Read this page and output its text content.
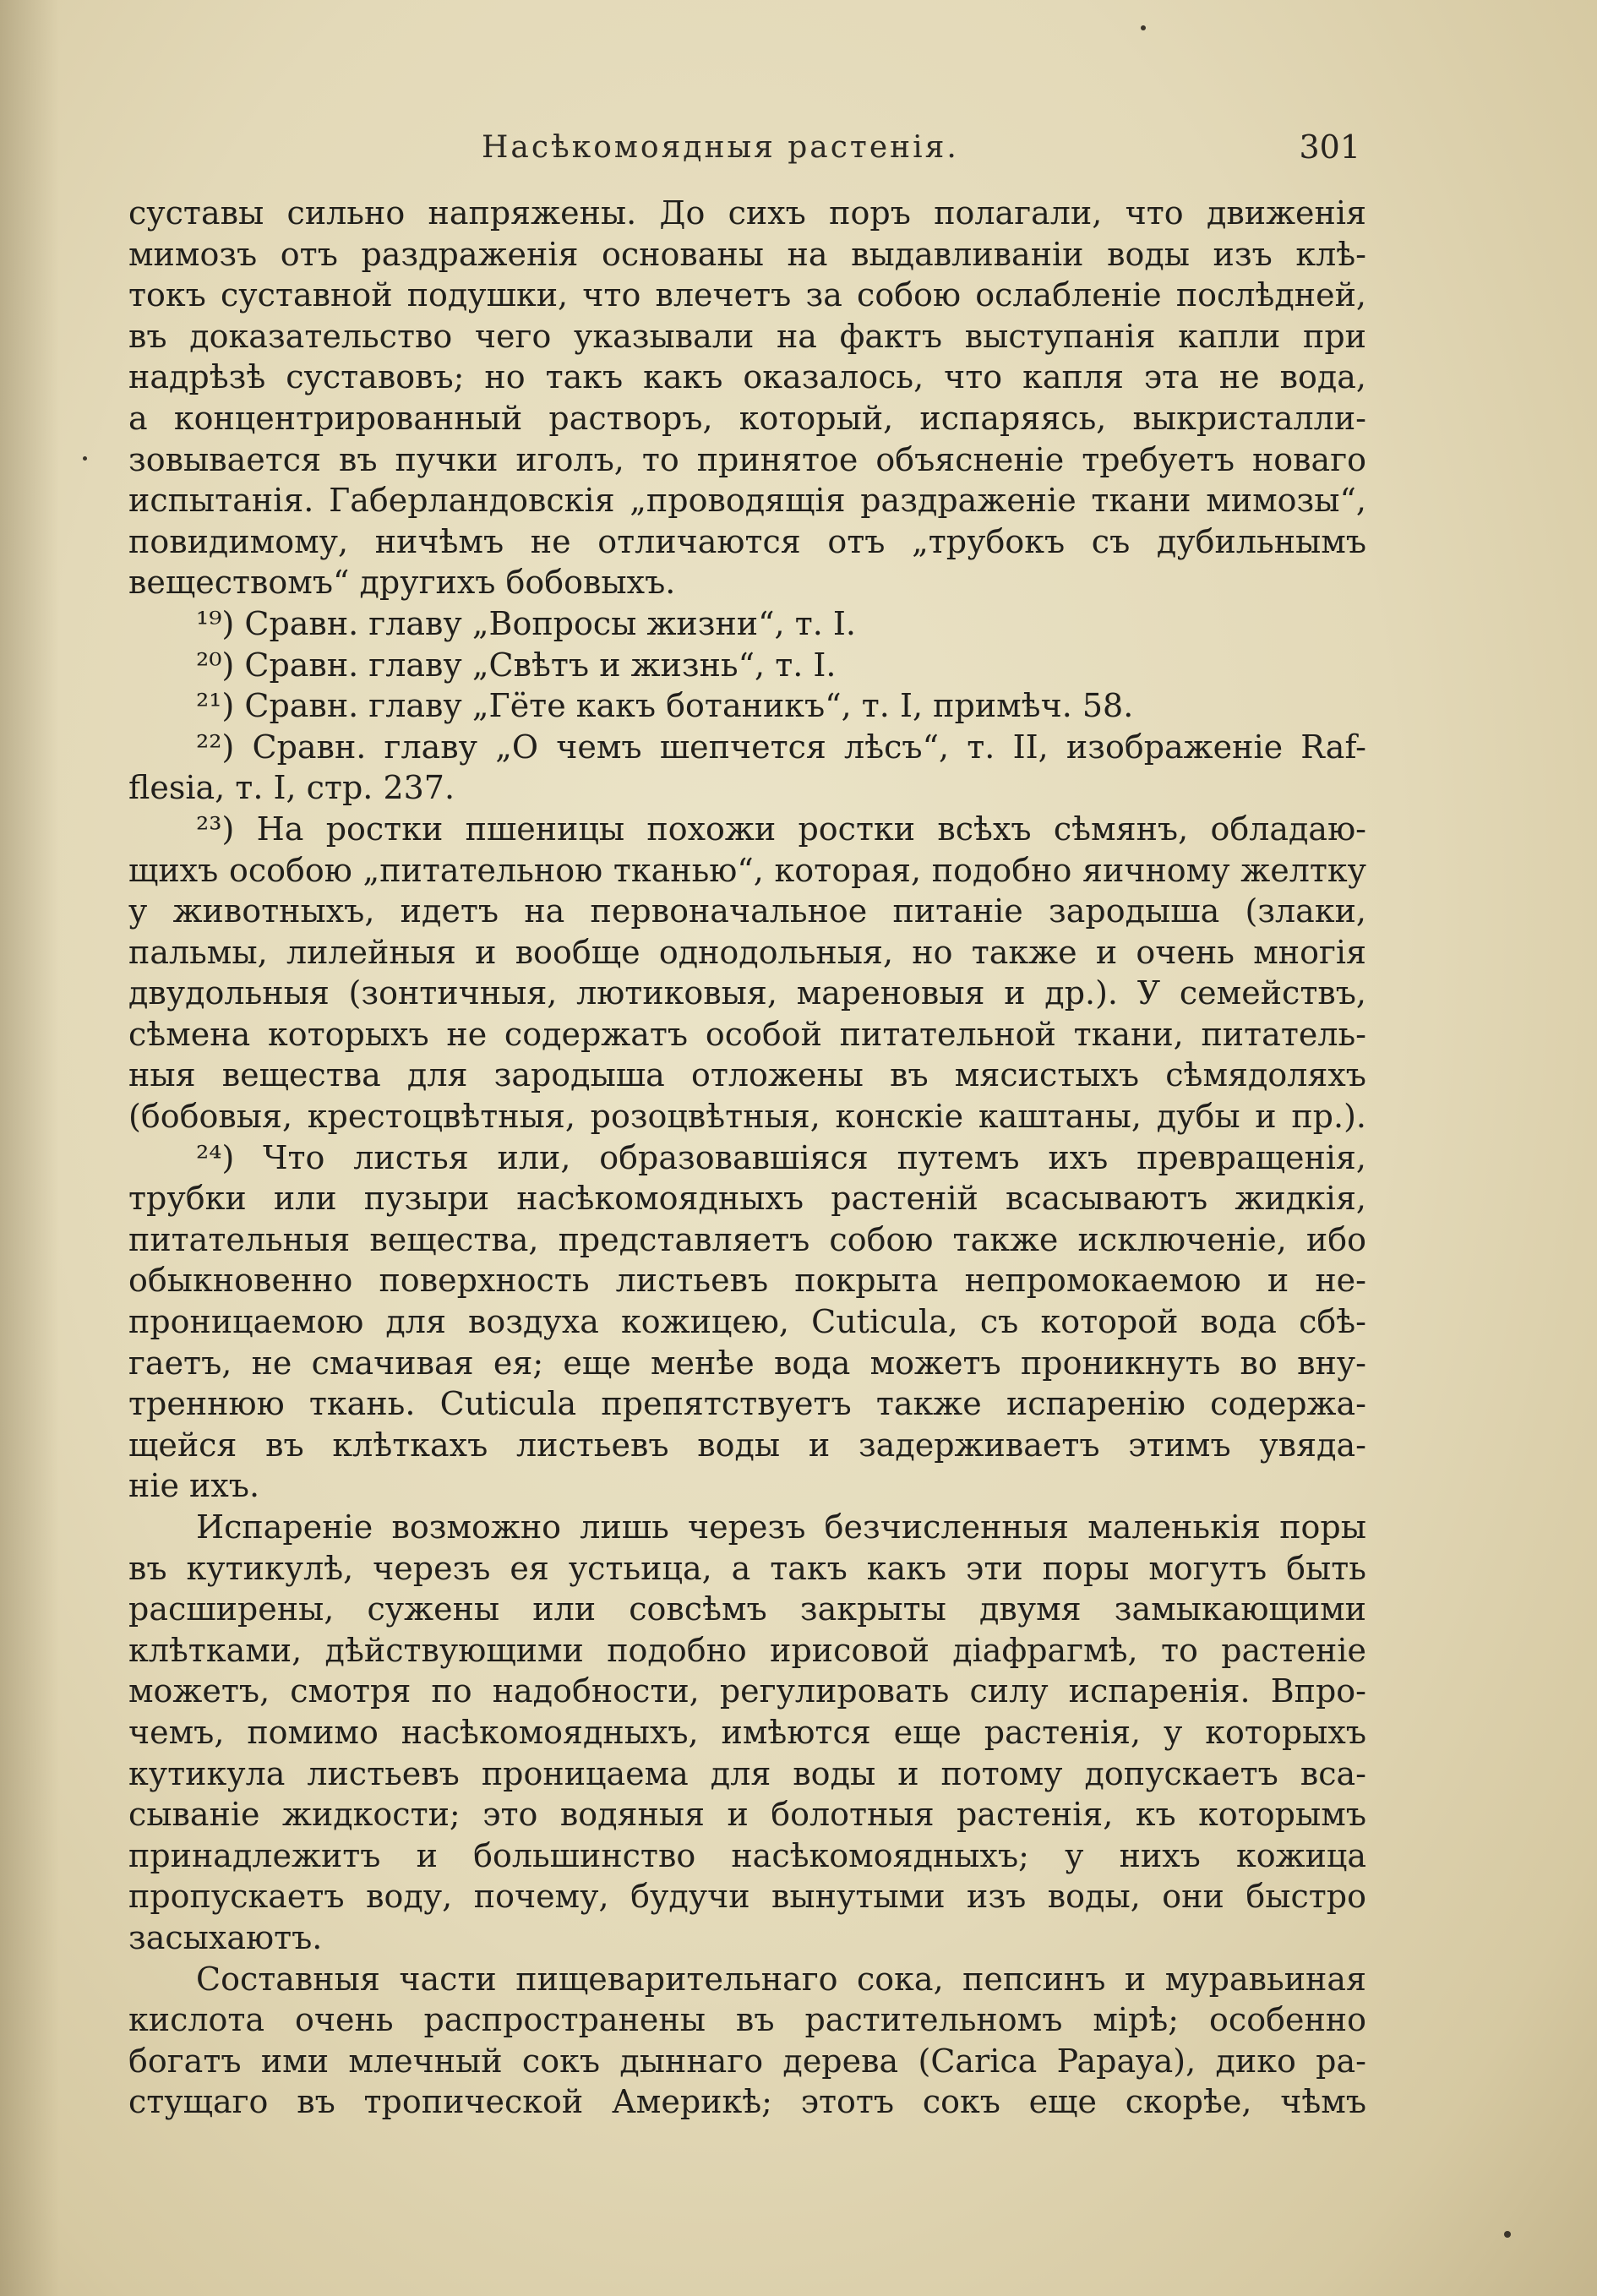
Насѣкомоядныя растенія.	301
суставы сильно напряжены. До сихъ поръ полагали, что движенія
мимозъ отъ раздраженія основаны на выдавливаніи воды изъ клѣ-
токъ суставной подушки, что влечетъ за собою ослабленіе послѣдней,
въ доказательство чего указывали на фактъ выступанія капли при
надрѣзѣ суставовъ; но такъ какъ оказалось, что капля эта не вода,
а концентрированный растворъ, который, испаряясь, выкристалли-
зовывается въ пучки иголъ, то принятое объясненіе требуетъ новаго
испытанія. Габерландовскія „проводящія раздраженіе ткани мимозы“,
повидимому, ничѣмъ не отличаются отъ „трубокъ съ дубильнымъ
веществомъ“ другихъ бобовыхъ.
¹⁹) Сравн. главу „Вопросы жизни“, т. I.
²⁰) Сравн. главу „Свѣтъ и жизнь“, т. I.
²¹) Сравн. главу „Гёте какъ ботаникъ“, т. I, примѣч. 58.
²²) Сравн. главу „О чемъ шепчется лѣсъ“, т. II, изображеніе Raf-
flesia, т. I, стр. 237.
²³) На ростки пшеницы похожи ростки всѣхъ сѣмянъ, обладаю-
щихъ особою „питательною тканью“, которая, подобно яичному желтку
у животныхъ, идетъ на первоначальное питаніе зародыша (злаки,
пальмы, лилейныя и вообще однодольныя, но также и очень многія
двудольныя (зонтичныя, лютиковыя, мареновыя и др.). У семействъ,
сѣмена которыхъ не содержатъ особой питательной ткани, питатель-
ныя вещества для зародыша отложены въ мясистыхъ сѣмядоляхъ
(бобовыя, крестоцвѣтныя, розоцвѣтныя, конскіе каштаны, дубы и пр.).
²⁴) Что листья или, образовавшіяся путемъ ихъ превращенія,
трубки или пузыри насѣкомоядныхъ растеній всасываютъ жидкія,
питательныя вещества, представляетъ собою также исключеніе, ибо
обыкновенно поверхность листьевъ покрыта непромокаемою и не-
проницаемою для воздуха кожицею, Cuticula, съ которой вода сбѣ-
гаетъ, не смачивая ея; еще менѣе вода можетъ проникнуть во вну-
треннюю ткань. Cuticula препятствуетъ также испаренію содержа-
щейся въ клѣткахъ листьевъ воды и задерживаетъ этимъ увяда-
ніе ихъ.
Испареніе возможно лишь черезъ безчисленныя маленькія поры
въ кутикулѣ, черезъ ея устьица, а такъ какъ эти поры могутъ быть
расширены, сужены или совсѣмъ закрыты двумя замыкающими
клѣтками, дѣйствующими подобно ирисовой діафрагмѣ, то растеніе
можетъ, смотря по надобности, регулировать силу испаренія. Впро-
чемъ, помимо насѣкомоядныхъ, имѣются еще растенія, у которыхъ
кутикула листьевъ проницаема для воды и потому допускаетъ вса-
сываніе жидкости; это водяныя и болотныя растенія, къ которымъ
принадлежитъ и большинство насѣкомоядныхъ; у нихъ кожица
пропускаетъ воду, почему, будучи вынутыми изъ воды, они быстро
засыхаютъ.
Составныя части пищеварительнаго сока, пепсинъ и муравьиная
кислота очень распространены въ растительномъ мірѣ; особенно
богатъ ими млечный сокъ дыннаго дерева (Carica Papaya), дико ра-
стущаго въ тропической Америкѣ; этотъ сокъ еще скорѣе, чѣмъ
